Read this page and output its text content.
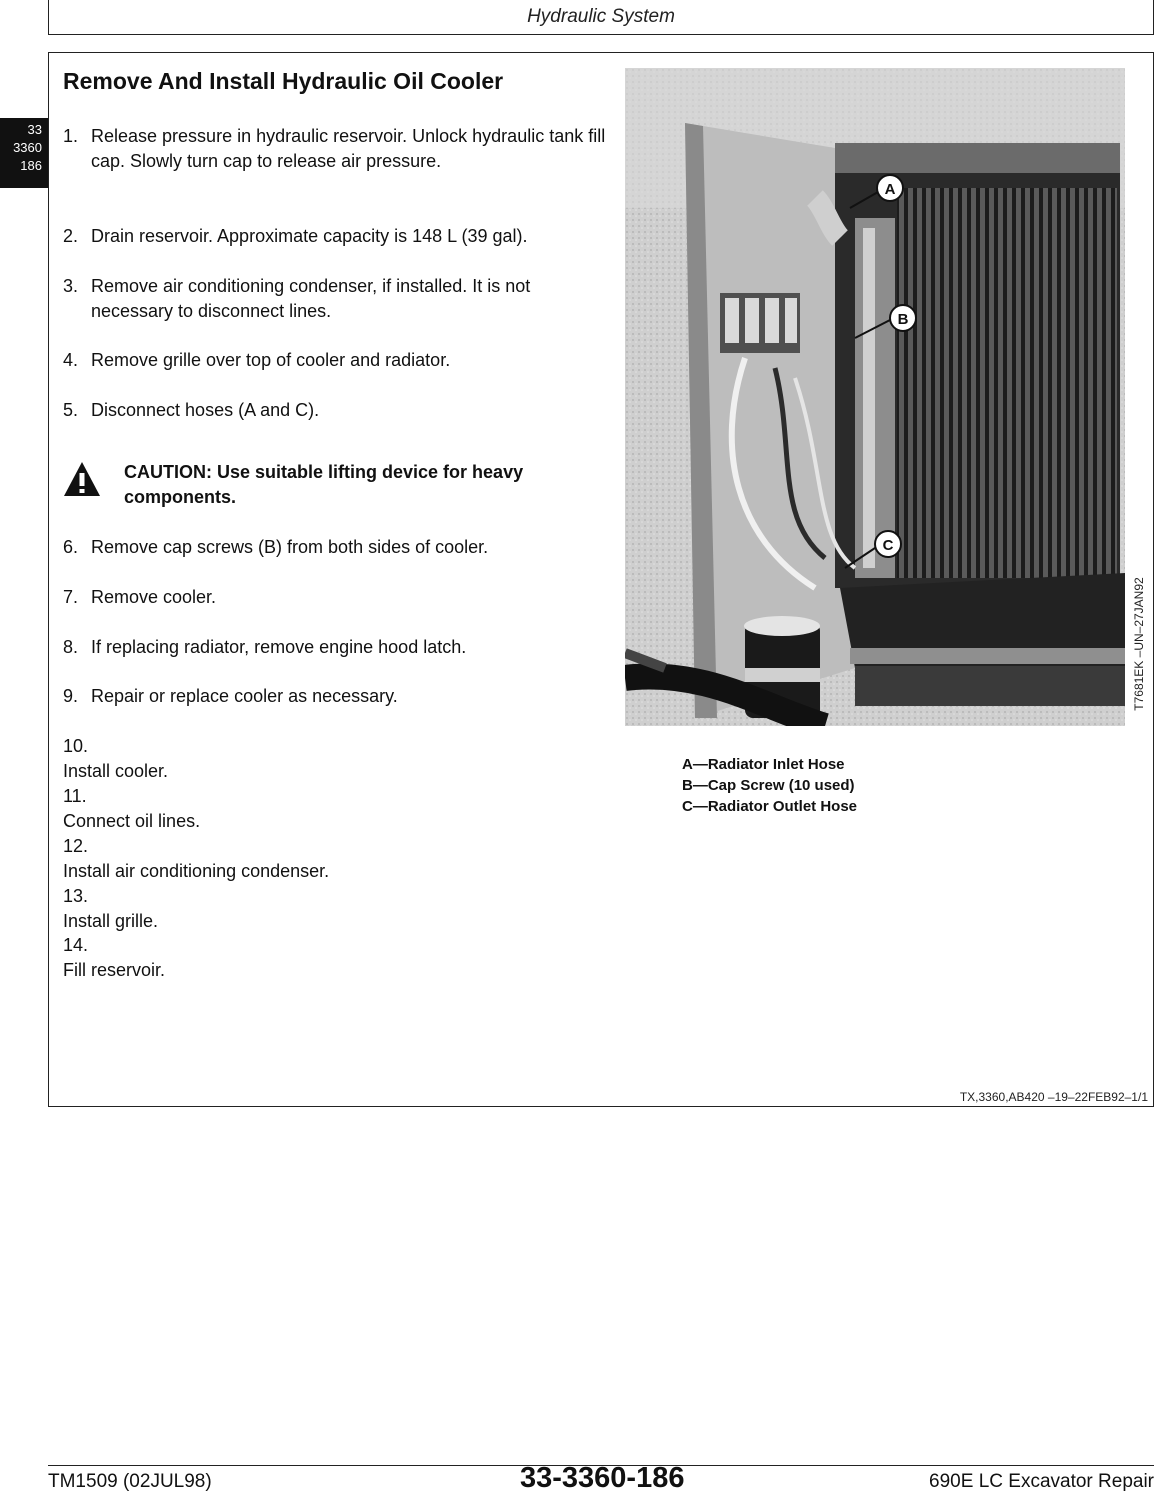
Hydraulic System
33
3360
186
Remove And Install Hydraulic Oil Cooler
1. Release pressure in hydraulic reservoir. Unlock hydraulic tank fill cap. Slowly turn cap to release air pressure.
2. Drain reservoir. Approximate capacity is 148 L (39 gal).
3. Remove air conditioning condenser, if installed. It is not necessary to disconnect lines.
4. Remove grille over top of cooler and radiator.
5. Disconnect hoses (A and C).
CAUTION: Use suitable lifting device for heavy components.
6. Remove cap screws (B) from both sides of cooler.
7. Remove cooler.
8. If replacing radiator, remove engine hood latch.
9. Repair or replace cooler as necessary.
10.Install cooler.
11.Connect oil lines.
12.Install air conditioning condenser.
13.Install grille.
14.Fill reservoir.
A
B
C
T7681EK –UN–27JAN92
A—Radiator Inlet Hose
B—Cap Screw (10 used)
C—Radiator Outlet Hose
TX,3360,AB420 –19–22FEB92–1/1
TM1509 (02JUL98)	33-3360-186	690E LC Excavator Repair
